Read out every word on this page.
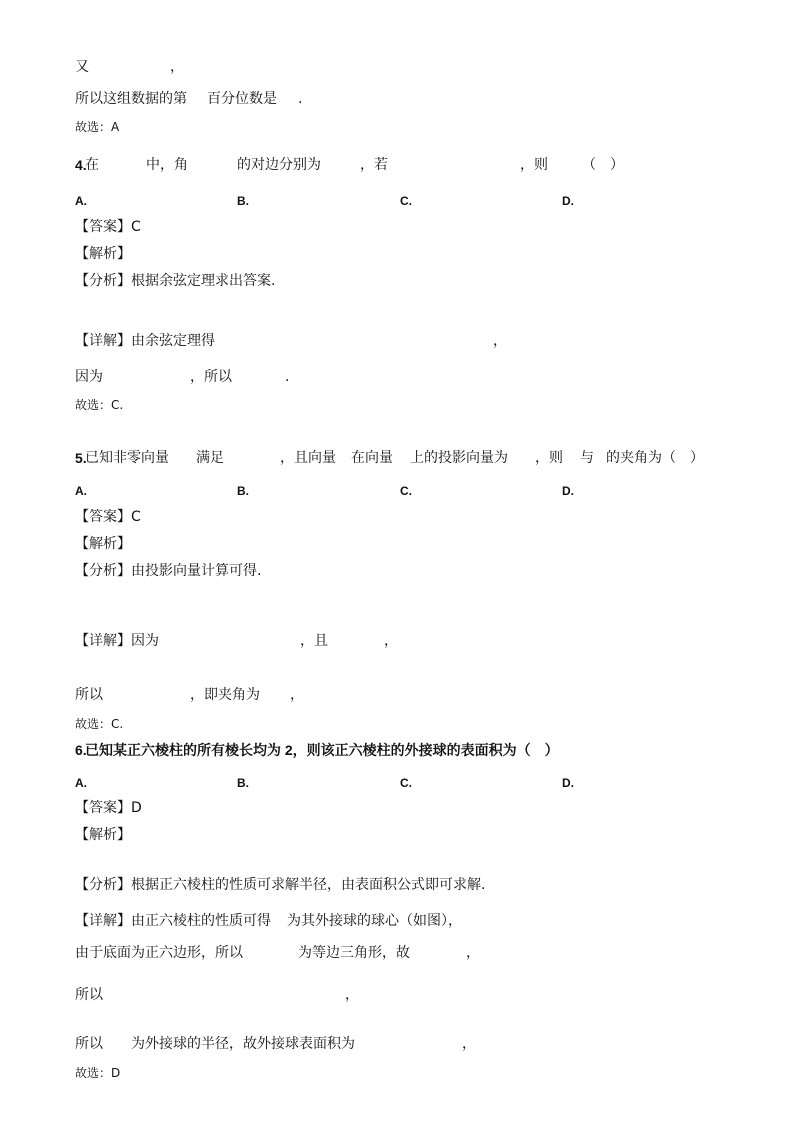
又	，
所以这组数据的第 百分位数是 .
故选：A
4.
在	中，角	的对边分别为	，若	，则 （　）
A.	B.	C.	D.
【答案】C
【解析】
【分析】根据余弦定理求出答案.
【详解】由余弦定理得	，
因为	，所以	.
故选：C.
5.
已知非零向量 满足	，且向量 在向量 上的投影向量为 ，则 与 的夹角为（　）
A.	B.	C.	D.
【答案】C
【解析】
【分析】由投影向量计算可得.
【详解】因为	，且	，
所以	，即夹角为 ，
故选：C.
6.
已知某正六棱柱的所有棱长均为 2，则该正六棱柱的外接球的表面积为（　）
A.	B.	C.	D.
【答案】D
【解析】
【分析】根据正六棱柱的性质可求解半径，由表面积公式即可求解.
【详解】由正六棱柱的性质可得 为其外接球的球心（如图），
由于底面为正六边形，所以	为等边三角形，故	，
所以	，
所以 为外接球的半径，故外接球表面积为	，
故选：D
